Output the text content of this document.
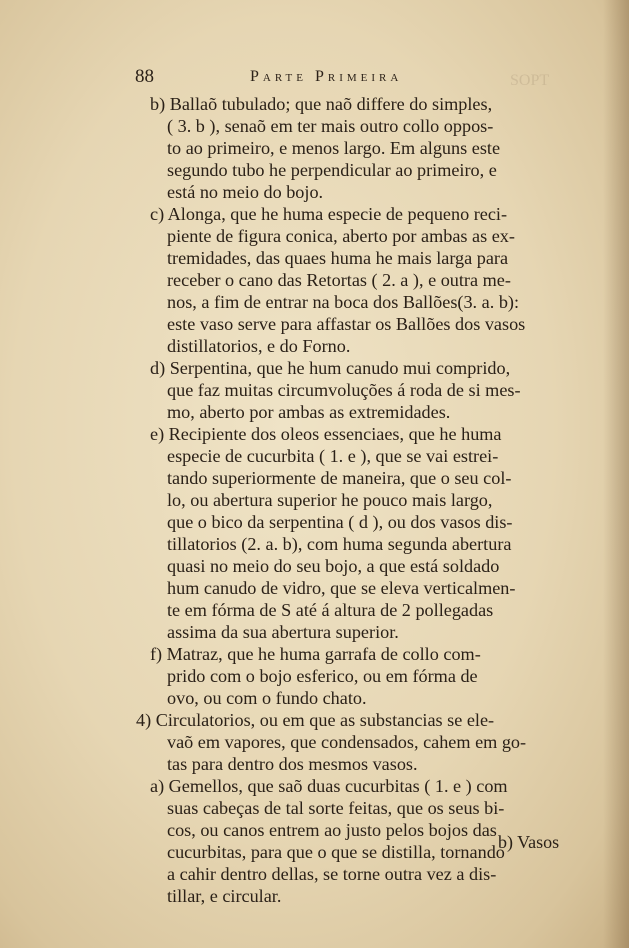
SOPT
88	Parte Primeira
b) Ballaõ tubulado; que naõ differe do simples,
( 3. b ), senaõ em ter mais outro collo oppos-
to ao primeiro, e menos largo. Em alguns este
segundo tubo he perpendicular ao primeiro, e
está no meio do bojo.
c) Alonga, que he huma especie de pequeno reci-
piente de figura conica, aberto por ambas as ex-
tremidades, das quaes huma he mais larga para
receber o cano das Retortas ( 2. a ), e outra me-
nos, a fim de entrar na boca dos Ballões(3. a. b):
este vaso serve para affastar os Ballões dos vasos
distillatorios, e do Forno.
d) Serpentina, que he hum canudo mui comprido,
que faz muitas circumvoluções á roda de si mes-
mo, aberto por ambas as extremidades.
e) Recipiente dos oleos essenciaes, que he huma
especie de cucurbita ( 1. e ), que se vai estrei-
tando superiormente de maneira, que o seu col-
lo, ou abertura superior he pouco mais largo,
que o bico da serpentina ( d ), ou dos vasos dis-
tillatorios (2. a. b), com huma segunda abertura
quasi no meio do seu bojo, a que está soldado
hum canudo de vidro, que se eleva verticalmen-
te em fórma de S até á altura de 2 pollegadas
assima da sua abertura superior.
f) Matraz, que he huma garrafa de collo com-
prido com o bojo esferico, ou em fórma de
ovo, ou com o fundo chato.
4) Circulatorios, ou em que as substancias se ele-
vaõ em vapores, que condensados, cahem em go-
tas para dentro dos mesmos vasos.
a) Gemellos, que saõ duas cucurbitas ( 1. e ) com
suas cabeças de tal sorte feitas, que os seus bi-
cos, ou canos entrem ao justo pelos bojos das
cucurbitas, para que o que se distilla, tornando
a cahir dentro dellas, se torne outra vez a dis-
tillar, e circular.
b) Vasos
